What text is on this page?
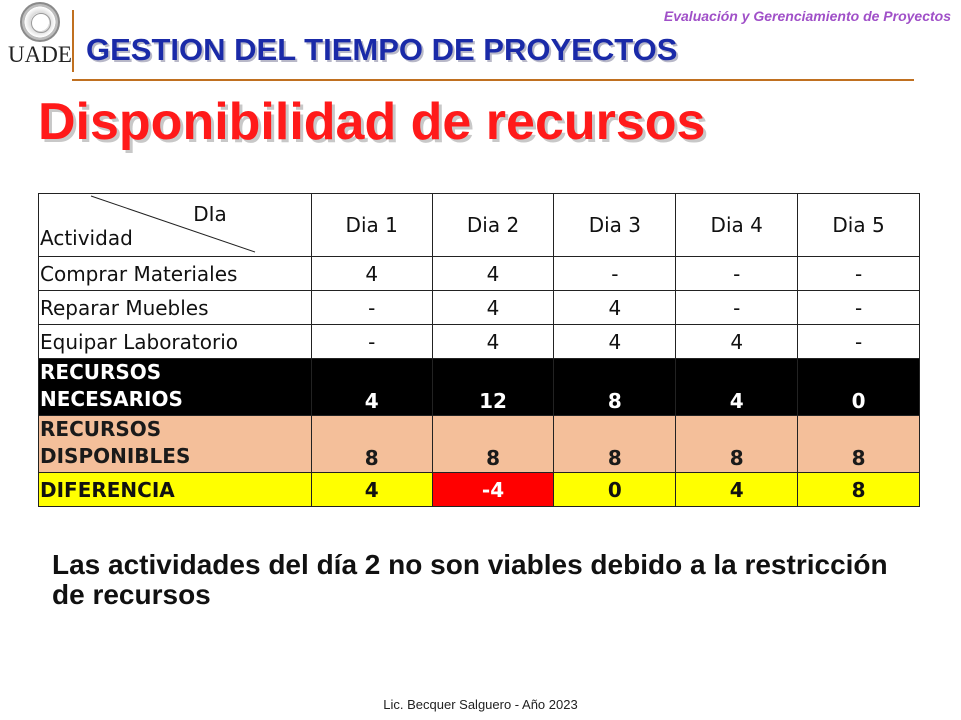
UADE
Evaluación y Gerenciamiento de Proyectos
GESTION DEL TIEMPO DE PROYECTOS
Disponibilidad de recursos
DIa
Actividad	Dia 1	Dia 2	Dia 3	Dia 4	Dia 5
Comprar Materiales	4	4	-	-	-
Reparar Muebles	-	4	4	-	-
Equipar Laboratorio	-	4	4	4	-

RECURSOS
NECESARIOS	4	12	8	4	0

RECURSOS
DISPONIBLES	8	8	8	8	8
DIFERENCIA	4	-4	0	4	8
Las actividades del día 2 no son viables debido a la restricción de recursos
Lic. Becquer Salguero - Año 2023
